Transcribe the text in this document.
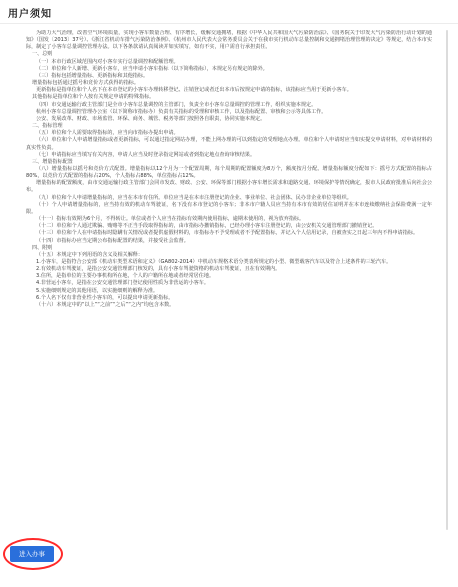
用户须知

为助力大气治理，改善空气环境质量，实现小客车数量合理、有序增长，缓解交通拥堵，根据《中华人民共和国大气污染防治法》、《国务院关于印发大气污染防治行动计划的通知》（国发〔2013〕37号）、《浙江省机动车排气污染防治条例》、《杭州市人民代表大会常务委员会关于在我市实行机动车总量控制和交通拥堵治理管理的决定》等规定，结合本市实际，制定了小客车总量调控管理办法。以下各条款请认真阅读并如实填写，如有不实，用户需自行承担责任。

一、总则

（一）本市行政区域范围内对小客车实行总量调控和配额管理。

（二）单位和个人新增、更新小客车，应当申请小客车指标（以下简称指标），本规定另有规定的除外。

（三）指标包括增量指标、更新指标和其他指标。

增量指标包括通过摇号和竞价方式获得的指标。

更新指标是指单位和个人名下在本市登记的小客车办理转移登记、注销登记或者迁出本市后按规定申请的指标，该指标应当用于更新小客车。

其他指标是指单位和个人按有关规定申请的特殊指标。

（四）市交通运输行政主管部门是全市小客车总量调控的主管部门，负责全市小客车总量调控的管理工作，组织实施本规定。

杭州小客车总量调控管理办公室（以下简称市指标办）负责有关指标的受理和审核工作，以及指标配置、审核和公示等具体工作。

公安、发展改革、财政、市场监管、环保、商务、城管、税务等部门按照各自职责，协同实施本规定。

二、指标管理

（五）单位和个人需要取得指标的，应当向市指标办提出申请。

（六）单位和个人申请增量指标或者更新指标，可以通过指定网站办理，不能上网办理的可以到指定的受理地点办理。单位和个人申请时应当如实提交申请材料，对申请材料的真实性负责。

（七）申请指标应当填写有关内容，申请人应当及时登录指定网站或者到指定地点查询审核结果。

三、增量指标配置

（八）增量指标以摇号和竞价方式配置。增量指标以12个月为一个配置周期，每个周期的配置额度为8万个，额度按月分配。增量指标额度分配如下：摇号方式配置的指标占80%，以竞价方式配置的指标占20%，个人指标占88%，单位指标占12%。

增量指标的配置额度，由市交通运输行政主管部门会同市发改、财政、公安、环保等部门根据小客车增长需求和道路交通、环境保护等情况确定，报市人民政府批准后向社会公布。

（九）单位和个人申请增量指标的，应当在本市有住所。单位应当是在本市注册登记的企业、事业单位、社会团体、民办非企业单位等组织。

（十）个人申请增量指标的，应当持有效的机动车驾驶证，名下没有本市登记的小客车；非本市户籍人员应当持有本市有效的居住证明并在本市连续缴纳社会保险费满一定年限。

（十一）指标有效期为6个月，不得转让。单位或者个人应当在指标有效期内使用指标，逾期未使用的，视为放弃指标。

（十二）单位和个人通过欺骗、贿赂等不正当手段取得指标的，由市指标办撤销指标，已经办理小客车注册登记的，由公安机关交通管理部门撤销登记。

（十三）单位和个人在申请指标时隐瞒有关情况或者提供虚假材料的，市指标办不予受理或者不予配置指标，并记入个人信用记录，自被查实之日起三年内不得申请指标。

（十四）市指标办应当定期公布指标配置的结果，并接受社会监督。

四、附则

（十五）本规定中下列用语的含义及相关解释：

1.小客车，是指符合公安部《机动车类型术语和定义》（GA802-2014）中机动车规格术语分类表所规定的小型、微型载客汽车以及符合上述条件的三轮汽车。

2.有效机动车驾驶证，是指公安交通管理部门核发的，具有小客车驾驶资格的机动车驾驶证，且在有效期内。

3.住所，是指单位的主要办事机构所在地，个人的户籍所在地或者经常居住地。

4.非营运小客车，是指在公安交通管理部门登记使用性质为非营运的小客车。

5.实施细则规定的其他用语，以实施细则的解释为准。

6.个人名下仅有非营业性小客车的，可以提出申请更新指标。

（十六）本规定中的“以上”“之前”“之后”“之内”均包含本数。

进入办事
